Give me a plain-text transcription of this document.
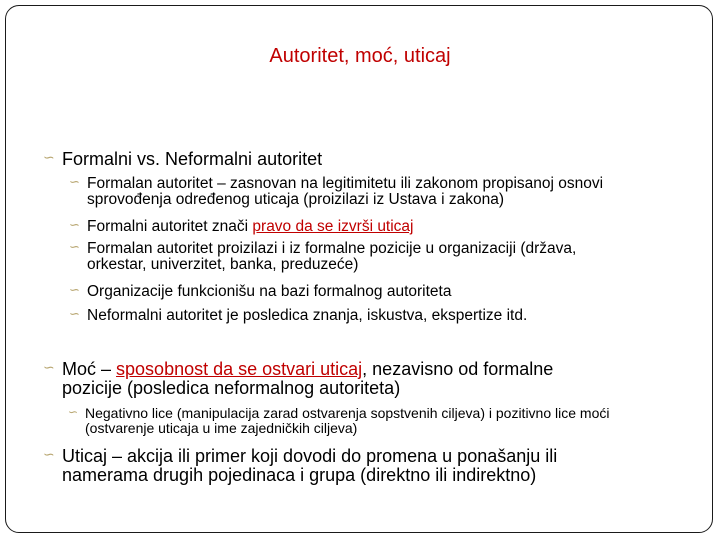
Autoritet, moć, uticaj
∽ Formalni vs. Neformalni autoritet
∽ Formalan autoritet – zasnovan na legitimitetu ili zakonom propisanoj osnovi
sprovođenja određenog uticaja (proizilazi iz Ustava i zakona)
∽ Formalni autoritet znači pravo da se izvrši uticaj
∽ Formalan autoritet proizilazi i iz formalne pozicije u organizaciji (država,
orkestar, univerzitet, banka, preduzeće)
∽ Organizacije funkcionišu na bazi formalnog autoriteta
∽ Neformalni autoritet je posledica znanja, iskustva, ekspertize itd.
∽ Moć – sposobnost da se ostvari uticaj, nezavisno od formalne
pozicije (posledica neformalnog autoriteta)
∽ Negativno lice (manipulacija zarad ostvarenja sopstvenih ciljeva) i pozitivno lice moći
(ostvarenje uticaja u ime zajedničkih ciljeva)
∽ Uticaj – akcija ili primer koji dovodi do promena u ponašanju ili
namerama drugih pojedinaca i grupa (direktno ili indirektno)
